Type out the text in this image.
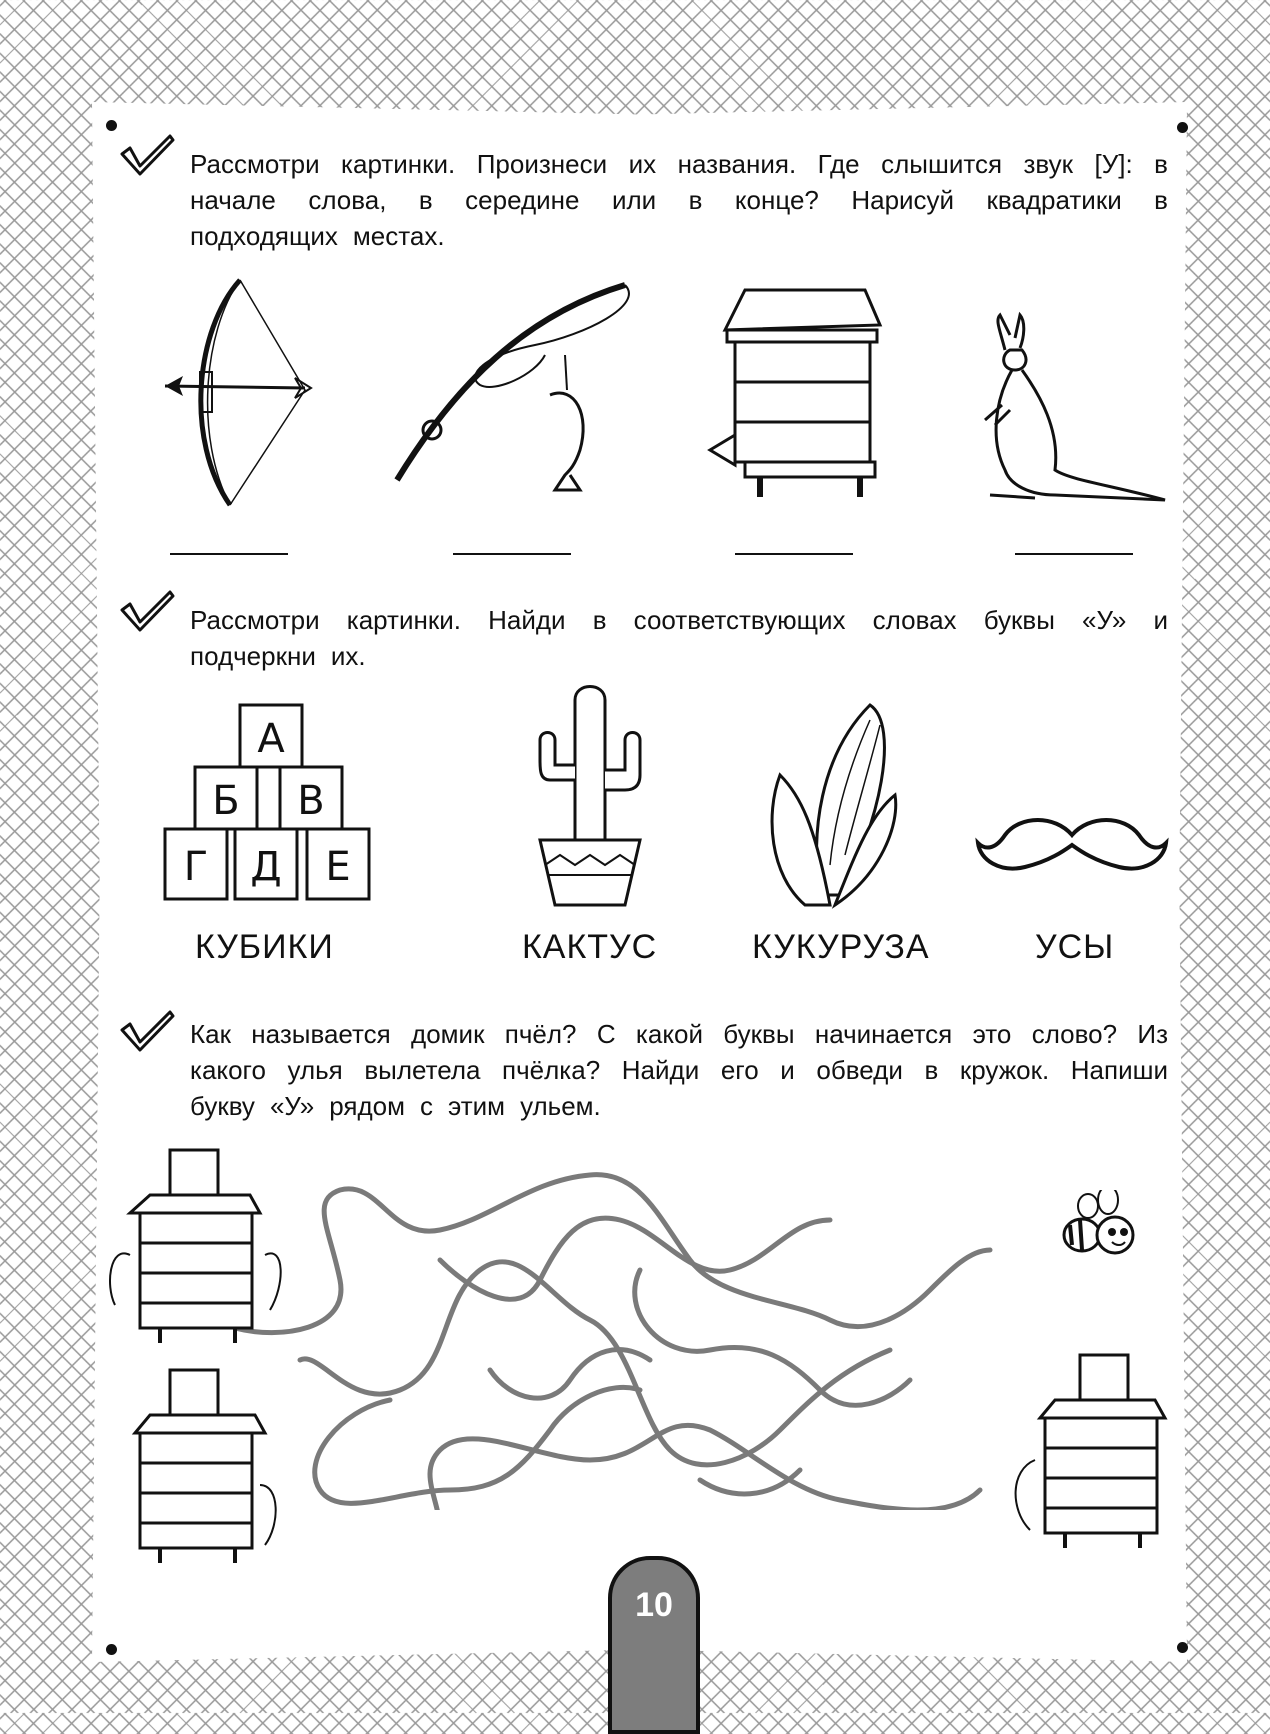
Рассмотри картинки. Произнеси их названия. Где слышится звук [У]: в начале слова, в середине или в конце? Нарисуй квадратики в подходящих местах.
Рассмотри картинки. Найди в соответствующих словах буквы «У» и подчеркни их.
А
Б В
Г Д Е
КУБИКИ	КАКТУС	КУКУРУЗА	УСЫ
Как называется домик пчёл? С какой буквы начинается это слово? Из какого улья вылетела пчёлка? Найди его и обведи в кружок. Напиши букву «У» рядом с этим ульем.
10
